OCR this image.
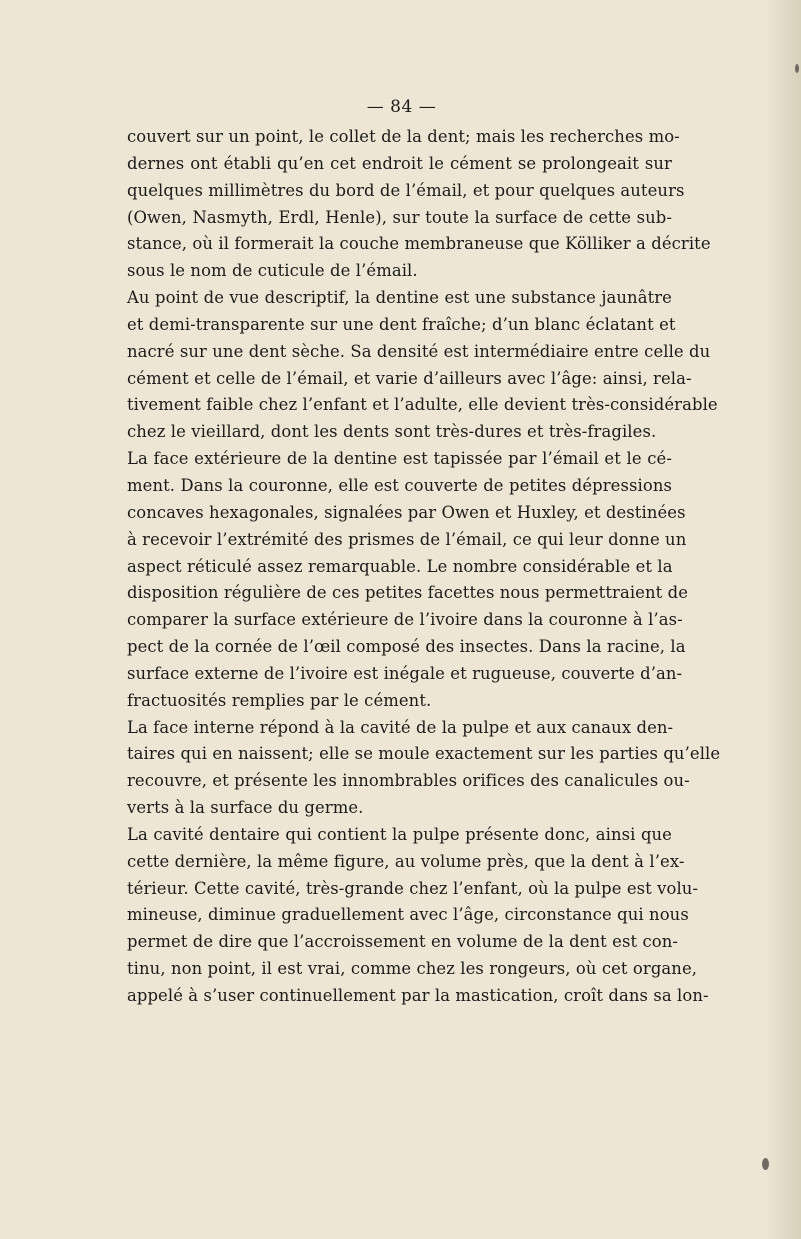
— 84 —
couvert sur un point, le collet de la dent; mais les recherches mo-
dernes ont établi qu’en cet endroit le cément se prolongeait sur
quelques millimètres du bord de l’émail, et pour quelques auteurs
(Owen, Nasmyth, Erdl, Henle), sur toute la surface de cette sub-
stance, où il formerait la couche membraneuse que Kölliker a décrite
sous le nom de cuticule de l’émail.
Au point de vue descriptif, la dentine est une substance jaunâtre
et demi-transparente sur une dent fraîche; d’un blanc éclatant et
nacré sur une dent sèche. Sa densité est intermédiaire entre celle du
cément et celle de l’émail, et varie d’ailleurs avec l’âge: ainsi, rela-
tivement faible chez l’enfant et l’adulte, elle devient très-considérable
chez le vieillard, dont les dents sont très-dures et très-fragiles.
La face extérieure de la dentine est tapissée par l’émail et le cé-
ment. Dans la couronne, elle est couverte de petites dépressions
concaves hexagonales, signalées par Owen et Huxley, et destinées
à recevoir l’extrémité des prismes de l’émail, ce qui leur donne un
aspect réticulé assez remarquable. Le nombre considérable et la
disposition régulière de ces petites facettes nous permettraient de
comparer la surface extérieure de l’ivoire dans la couronne à l’as-
pect de la cornée de l’œil composé des insectes. Dans la racine, la
surface externe de l’ivoire est inégale et rugueuse, couverte d’an-
fractuosités remplies par le cément.
La face interne répond à la cavité de la pulpe et aux canaux den-
taires qui en naissent; elle se moule exactement sur les parties qu’elle
recouvre, et présente les innombrables orifices des canalicules ou-
verts à la surface du germe.
La cavité dentaire qui contient la pulpe présente donc, ainsi que
cette dernière, la même figure, au volume près, que la dent à l’ex-
térieur. Cette cavité, très-grande chez l’enfant, où la pulpe est volu-
mineuse, diminue graduellement avec l’âge, circonstance qui nous
permet de dire que l’accroissement en volume de la dent est con-
tinu, non point, il est vrai, comme chez les rongeurs, où cet organe,
appelé à s’user continuellement par la mastication, croît dans sa lon-
